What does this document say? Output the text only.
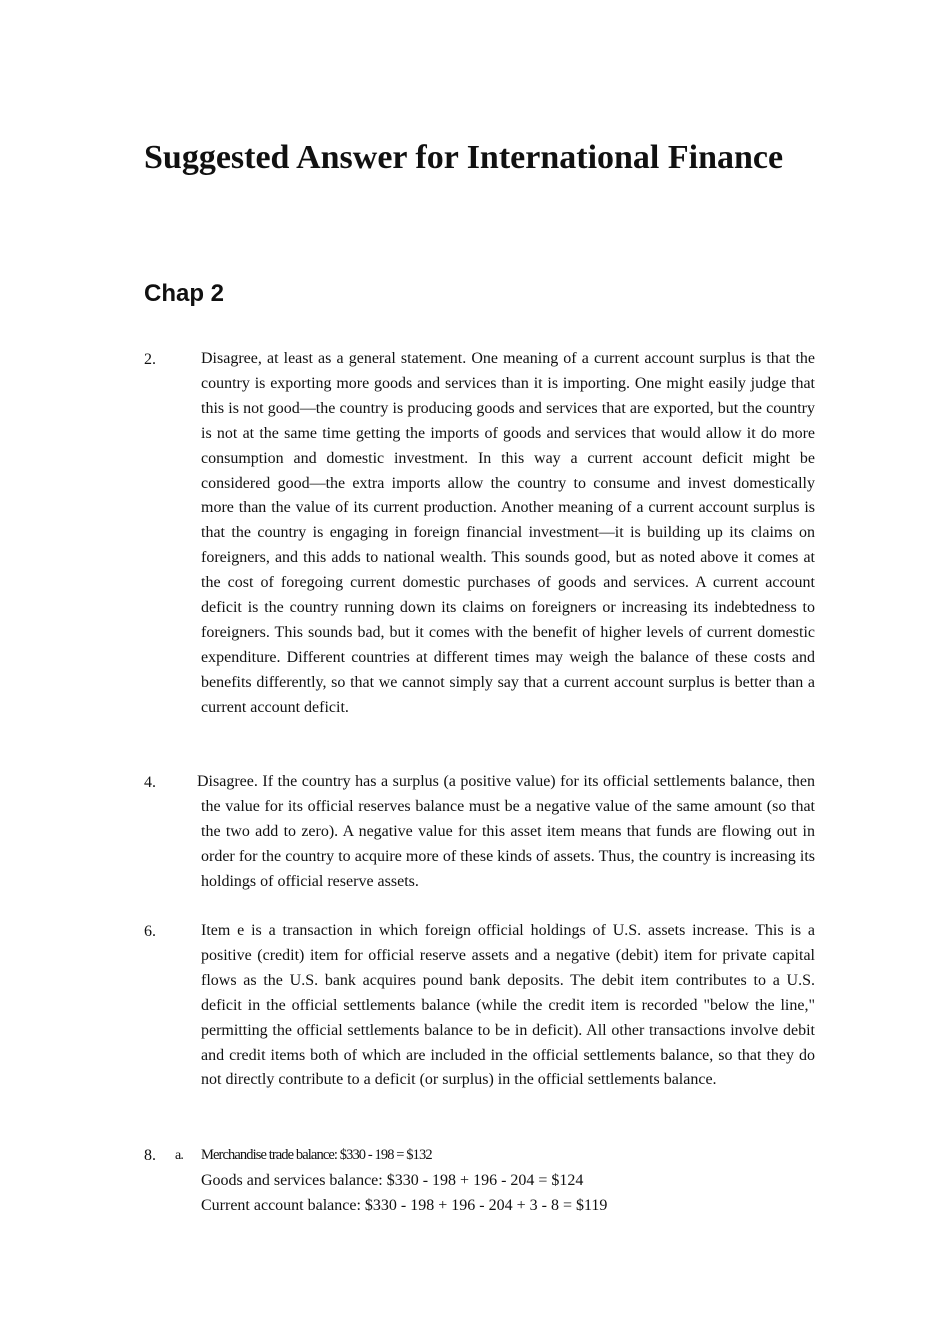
Suggested Answer for International Finance
Chap 2
2.	Disagree, at least as a general statement. One meaning of a current account surplus is that the country is exporting more goods and services than it is importing. One might easily judge that this is not good—the country is producing goods and services that are exported, but the country is not at the same time getting the imports of goods and services that would allow it do more consumption and domestic investment. In this way a current account deficit might be considered good—the extra imports allow the country to consume and invest domestically more than the value of its current production. Another meaning of a current account surplus is that the country is engaging in foreign financial investment—it is building up its claims on foreigners, and this adds to national wealth. This sounds good, but as noted above it comes at the cost of foregoing current domestic purchases of goods and services. A current account deficit is the country running down its claims on foreigners or increasing its indebtedness to foreigners. This sounds bad, but it comes with the benefit of higher levels of current domestic expenditure. Different countries at different times may weigh the balance of these costs and benefits differently, so that we cannot simply say that a current account surplus is better than a current account deficit.

4.	Disagree. If the country has a surplus (a positive value) for its official settlements balance, then the value for its official reserves balance must be a negative value of the same amount (so that the two add to zero). A negative value for this asset item means that funds are flowing out in order for the country to acquire more of these kinds of assets. Thus, the country is increasing its holdings of official reserve assets.

6.	Item e is a transaction in which foreign official holdings of U.S. assets increase. This is a positive (credit) item for official reserve assets and a negative (debit) item for private capital flows as the U.S. bank acquires pound bank deposits. The debit item contributes to a U.S. deficit in the official settlements balance (while the credit item is recorded "below the line," permitting the official settlements balance to be in deficit). All other transactions involve debit and credit items both of which are included in the official settlements balance, so that they do not directly contribute to a deficit (or surplus) in the official settlements balance.

8. a. Merchandise trade balance: $330 - 198 = $132
Goods and services balance: $330 - 198 + 196 - 204 = $124
Current account balance: $330 - 198 + 196 - 204 + 3 - 8 = $119
